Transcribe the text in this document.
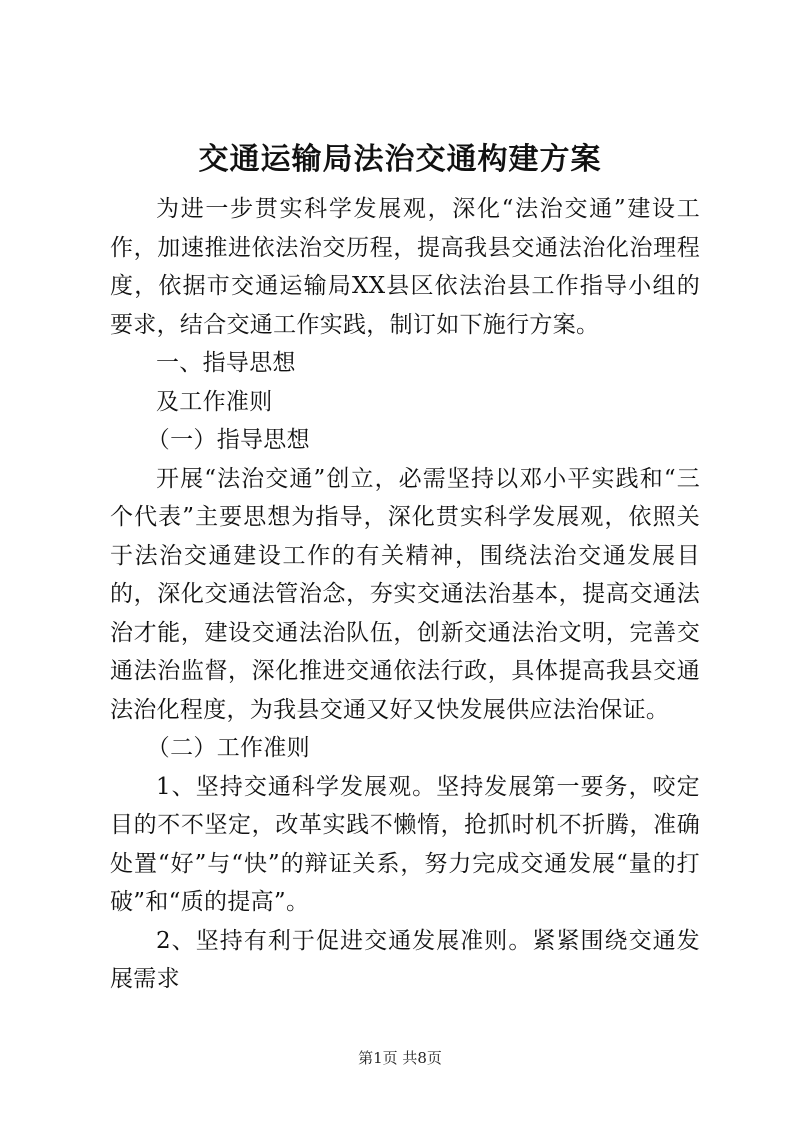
交通运输局法治交通构建方案

为进一步贯实科学发展观，深化“法治交通”建设工作，加速推进依法治交历程，提高我县交通法治化治理程度，依据市交通运输局XX县区依法治县工作指导小组的要求，结合交通工作实践，制订如下施行方案。

一、指导思想

及工作准则

（一）指导思想

开展“法治交通”创立，必需坚持以邓小平实践和“三个代表”主要思想为指导，深化贯实科学发展观，依照关于法治交通建设工作的有关精神，围绕法治交通发展目的，深化交通法管治念，夯实交通法治基本，提高交通法治才能，建设交通法治队伍，创新交通法治文明，完善交通法治监督，深化推进交通依法行政，具体提高我县交通法治化程度，为我县交通又好又快发展供应法治保证。

（二）工作准则

1、坚持交通科学发展观。坚持发展第一要务，咬定目的不不坚定，改革实践不懒惰，抢抓时机不折腾，准确处置“好”与“快”的辩证关系，努力完成交通发展“量的打破”和“质的提高”。

2、坚持有利于促进交通发展准则。紧紧围绕交通发展需求

第1页 共8页
